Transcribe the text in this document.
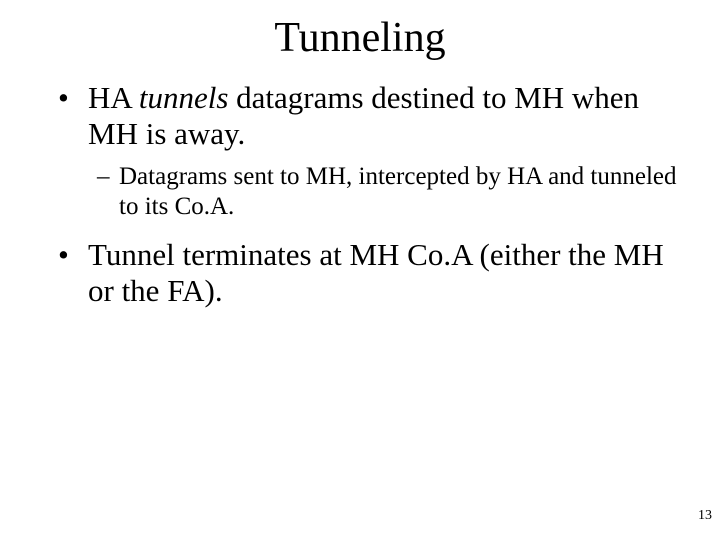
Tunneling
• HA tunnels datagrams destined to MH when MH is away.
– Datagrams sent to MH, intercepted by HA and tunneled to its Co.A.
• Tunnel terminates at MH Co.A (either the MH or the FA).
13
